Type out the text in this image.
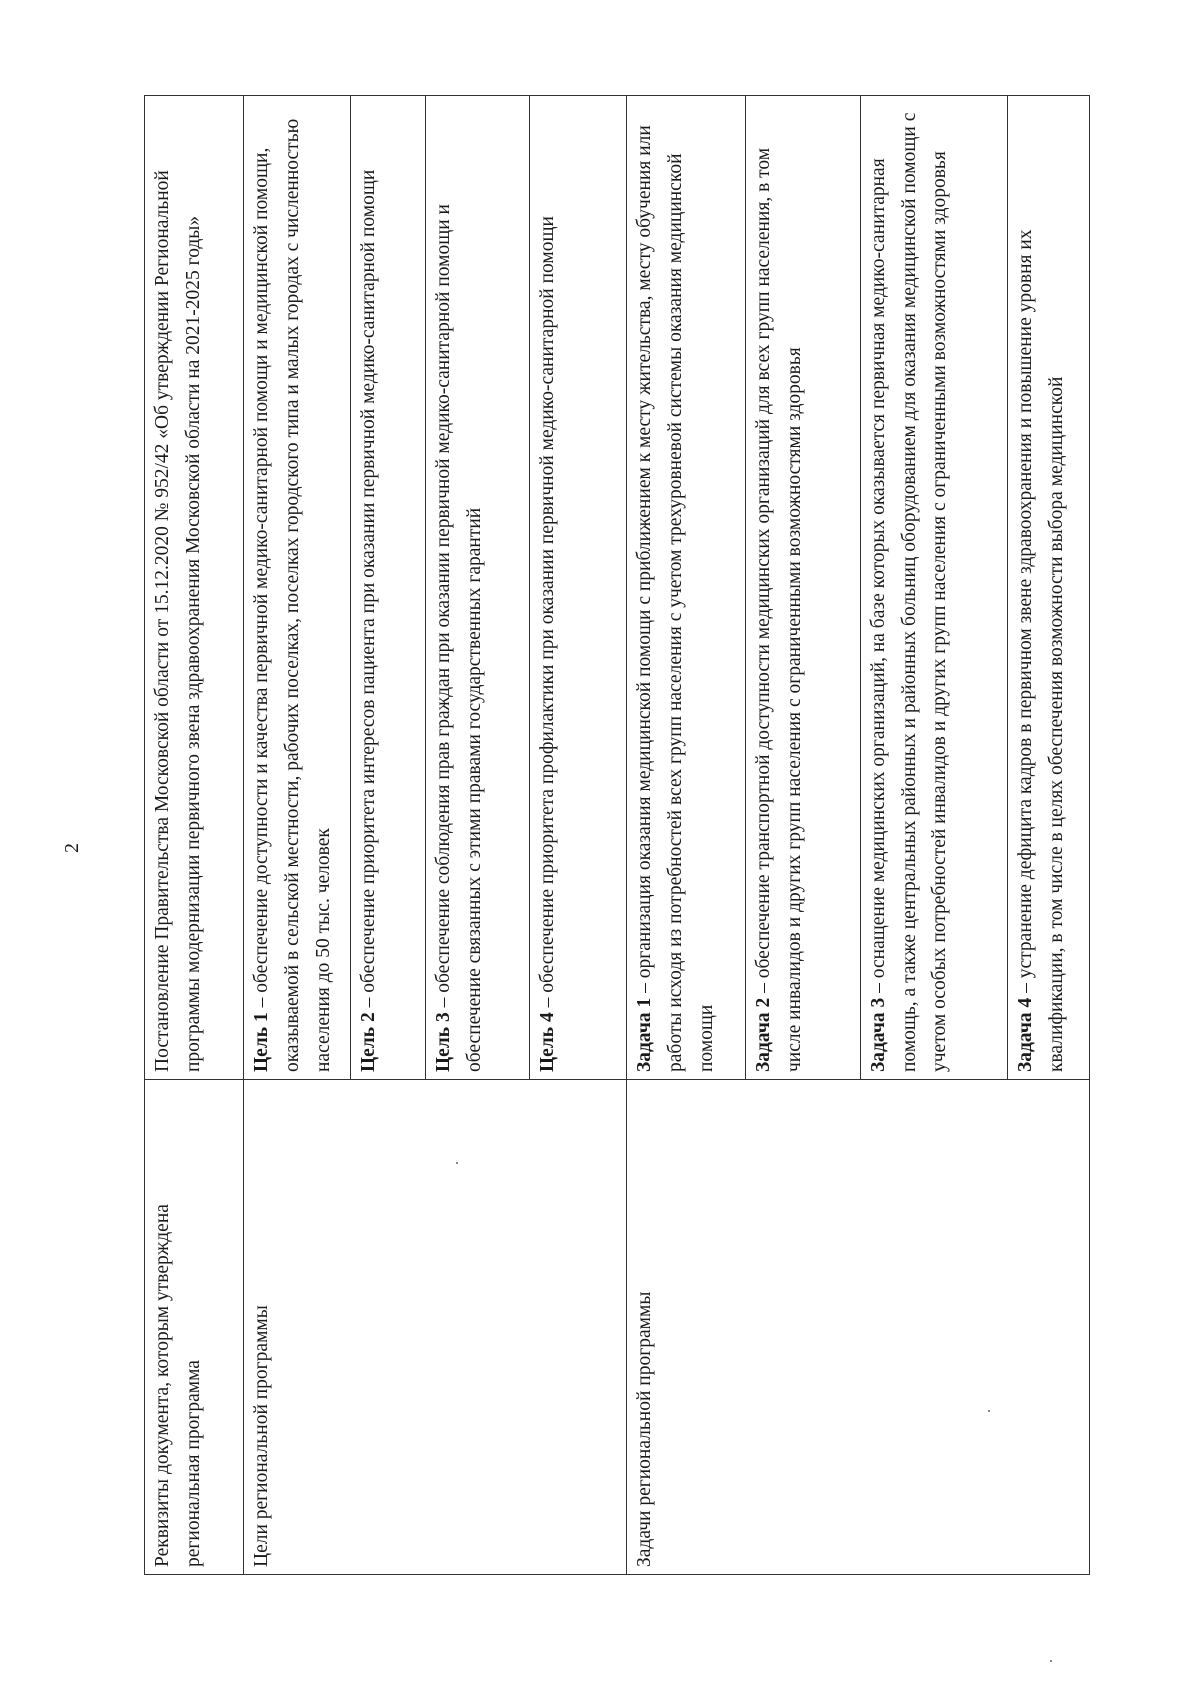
2
Реквизиты документа, которым утверждена региональная программа	Постановление Правительства Московской области от 15.12.2020 № 952/42 «Об утверждении Региональной программы модернизации первичного звена здравоохранения Московской области на 2021-2025 годы»
Цели региональной программы	Цель 1 – обеспечение доступности и качества первичной медико-санитарной помощи и медицинской помощи, оказываемой в сельской местности, рабочих поселках, поселках городского типа и малых городах с численностью населения до 50 тыс. человек
	Цель 2 – обеспечение приоритета интересов пациента при оказании первичной медико-санитарной помощи
	Цель 3 – обеспечение соблюдения прав граждан при оказании первичной медико-санитарной помощи и обеспечение связанных с этими правами государственных гарантий
	Цель 4 – обеспечение приоритета профилактики при оказании первичной медико-санитарной помощи
Задачи региональной программы	Задача 1 – организация оказания медицинской помощи с приближением к месту жительства, месту обучения или работы исходя из потребностей всех групп населения с учетом трехуровневой системы оказания медицинской помощи
	Задача 2 – обеспечение транспортной доступности медицинских организаций для всех групп населения, в том числе инвалидов и других групп населения с ограниченными возможностями здоровья
	Задача 3 – оснащение медицинских организаций, на базе которых оказывается первичная медико-санитарная помощь, а также центральных районных и районных больниц оборудованием для оказания медицинской помощи с учетом особых потребностей инвалидов и других групп населения с ограниченными возможностями здоровья
	Задача 4 – устранение дефицита кадров в первичном звене здравоохранения и повышение уровня их квалификации, в том числе в целях обеспечения возможности выбора медицинской
